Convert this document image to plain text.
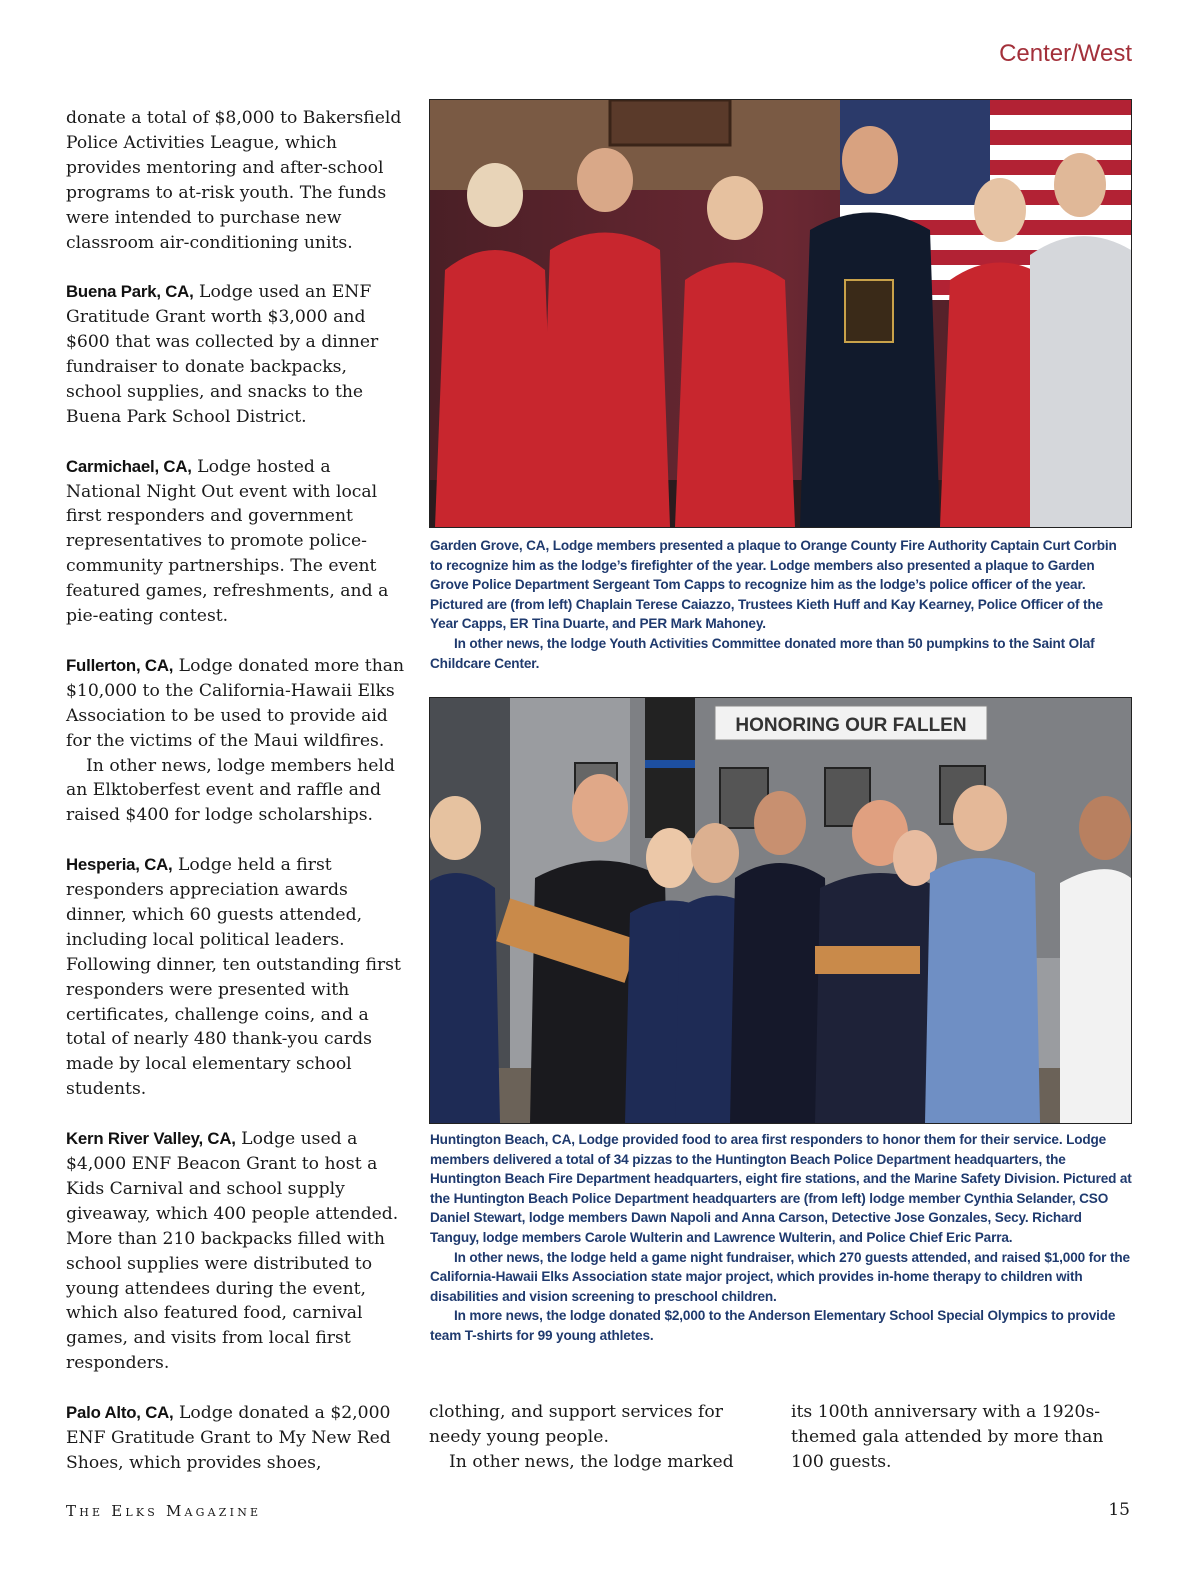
Center/West

donate a total of $8,000 to Bakersfield Police Activities League, which provides mentoring and after-school programs to at-risk youth. The funds were intended to purchase new classroom air-conditioning units.

Buena Park, CA, Lodge used an ENF Gratitude Grant worth $3,000 and $600 that was collected by a dinner fundraiser to donate backpacks, school supplies, and snacks to the Buena Park School District.

Carmichael, CA, Lodge hosted a National Night Out event with local first responders and government representatives to promote police-community partnerships. The event featured games, refreshments, and a pie-eating contest.

Fullerton, CA, Lodge donated more than $10,000 to the California-Hawaii Elks Association to be used to provide aid for the victims of the Maui wildfires.

In other news, lodge members held an Elktoberfest event and raffle and raised $400 for lodge scholarships.

Hesperia, CA, Lodge held a first responders appreciation awards dinner, which 60 guests attended, including local political leaders. Following dinner, ten outstanding first responders were presented with certificates, challenge coins, and a total of nearly 480 thank-you cards made by local elementary school students.

Kern River Valley, CA, Lodge used a $4,000 ENF Beacon Grant to host a Kids Carnival and school supply giveaway, which 400 people attended. More than 210 backpacks filled with school supplies were distributed to young attendees during the event, which also featured food, carnival games, and visits from local first responders.

Palo Alto, CA, Lodge donated a $2,000 ENF Gratitude Grant to My New Red Shoes, which provides shoes,

Garden Grove, CA, Lodge members presented a plaque to Orange County Fire Authority Captain Curt Corbin to recognize him as the lodge’s firefighter of the year. Lodge members also presented a plaque to Garden Grove Police Department Sergeant Tom Capps to recognize him as the lodge’s police officer of the year. Pictured are (from left) Chaplain Terese Caiazzo, Trustees Kieth Huff and Kay Kearney, Police Officer of the Year Capps, ER Tina Duarte, and PER Mark Mahoney.

In other news, the lodge Youth Activities Committee donated more than 50 pumpkins to the Saint Olaf Childcare Center.

HONORING OUR FALLEN

Huntington Beach, CA, Lodge provided food to area first responders to honor them for their service. Lodge members delivered a total of 34 pizzas to the Huntington Beach Police Department headquarters, the Huntington Beach Fire Department headquarters, eight fire stations, and the Marine Safety Division. Pictured at the Huntington Beach Police Department headquarters are (from left) lodge member Cynthia Selander, CSO Daniel Stewart, lodge members Dawn Napoli and Anna Carson, Detective Jose Gonzales, Secy. Richard Tanguy, lodge members Carole Wulterin and Lawrence Wulterin, and Police Chief Eric Parra.

In other news, the lodge held a game night fundraiser, which 270 guests attended, and raised $1,000 for the California-Hawaii Elks Association state major project, which provides in-home therapy to children with disabilities and vision screening to preschool children.

In more news, the lodge donated $2,000 to the Anderson Elementary School Special Olympics to provide team T-shirts for 99 young athletes.

clothing, and support services for needy young people.

In other news, the lodge marked

its 100th anniversary with a 1920s-themed gala attended by more than 100 guests.

The Elks Magazine	15
